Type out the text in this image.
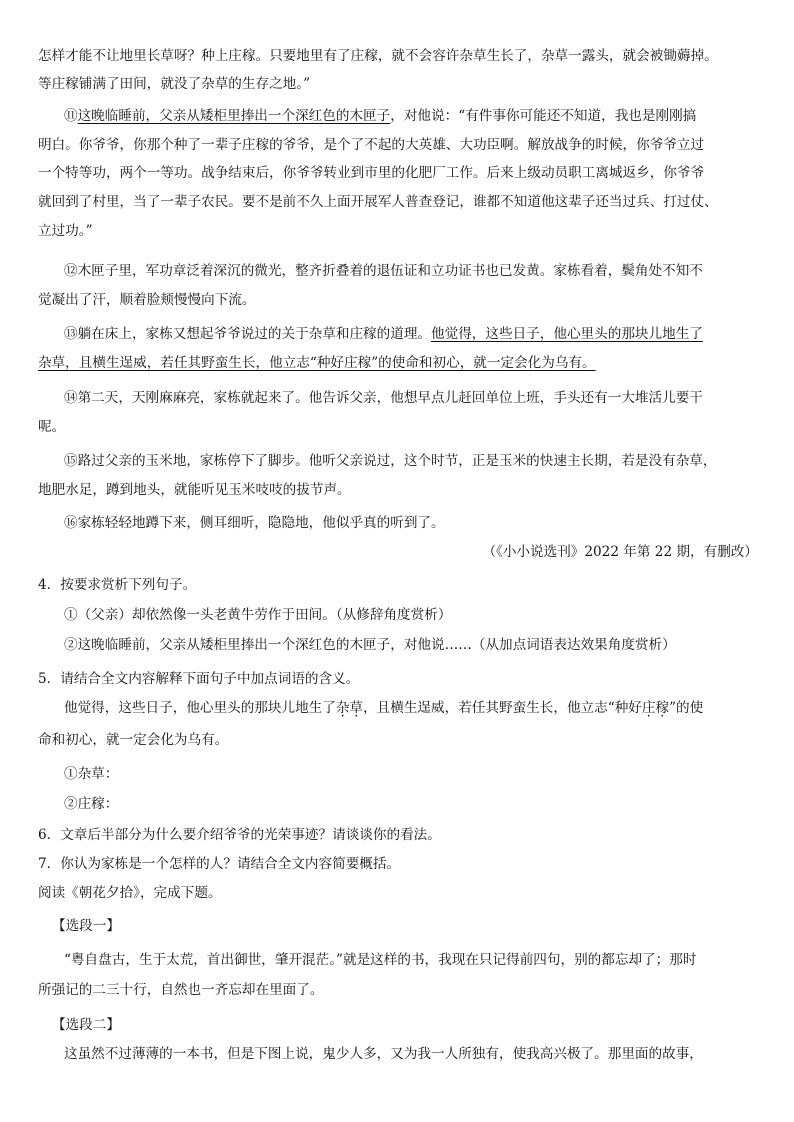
怎样才能不让地里长草呀？种上庄稼。只要地里有了庄稼，就不会容许杂草生长了，杂草一露头，就会被锄薅掉。
等庄稼铺满了田间，就没了杂草的生存之地。”
⑪这晚临睡前，父亲从矮柜里捧出一个深红色的木匣子，对他说：“有件事你可能还不知道，我也是刚刚搞
明白。你爷爷，你那个种了一辈子庄稼的爷爷，是个了不起的大英雄、大功臣啊。解放战争的时候，你爷爷立过
一个特等功，两个一等功。战争结束后，你爷爷转业到市里的化肥厂工作。后来上级动员职工离城返乡，你爷爷
就回到了村里，当了一辈子农民。要不是前不久上面开展军人普查登记，谁都不知道他这辈子还当过兵、打过仗、
立过功。”
⑫木匣子里，军功章泛着深沉的微光，整齐折叠着的退伍证和立功证书也已发黄。家栋看着，鬓角处不知不
觉凝出了汗，顺着脸颊慢慢向下流。
⑬躺在床上，家栋又想起爷爷说过的关于杂草和庄稼的道理。他觉得，这些日子，他心里头的那块儿地生了
杂草，且横生逞威，若任其野蛮生长，他立志“种好庄稼”的使命和初心，就一定会化为乌有。
⑭第二天，天刚麻麻亮，家栋就起来了。他告诉父亲，他想早点儿赶回单位上班，手头还有一大堆活儿要干
呢。
⑮路过父亲的玉米地，家栋停下了脚步。他听父亲说过，这个时节，正是玉米的快速主长期，若是没有杂草，
地肥水足，蹲到地头，就能听见玉米吱吱的拔节声。
⑯家栋轻轻地蹲下来，侧耳细听，隐隐地，他似乎真的听到了。
（《小小说选刊》2022 年第 22 期，有删改）
4．按要求赏析下列句子。
①（父亲）却依然像一头老黄牛劳作于田间。（从修辞角度赏析）
②这晚临睡前，父亲从矮柜里捧出一个深红色的木匣子，对他说……（从加点词语表达效果角度赏析）
5．请结合全文内容解释下面句子中加点词语的含义。
他觉得，这些日子，他心里头的那块儿地生了杂草，且横生逞威，若任其野蛮生长，他立志“种好庄稼”的使
命和初心，就一定会化为乌有。
①杂草：
②庄稼：
6．文章后半部分为什么要介绍爷爷的光荣事迹？请谈谈你的看法。
7．你认为家栋是一个怎样的人？请结合全文内容简要概括。
阅读《朝花夕拾》，完成下题。
【选段一】
“粤自盘古，生于太荒，首出御世，肇开混茫。”就是这样的书，我现在只记得前四句，别的都忘却了；那时
所强记的二三十行，自然也一齐忘却在里面了。
【选段二】
这虽然不过薄薄的一本书，但是下图上说，鬼少人多，又为我一人所独有，使我高兴极了。那里面的故事，
